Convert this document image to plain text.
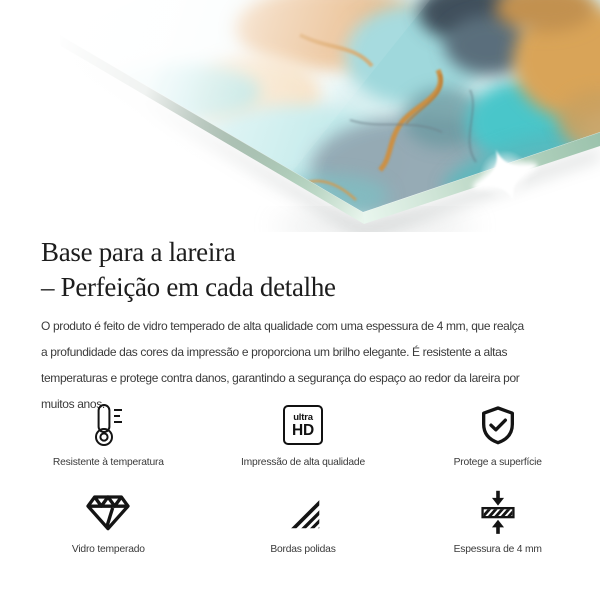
Base para a lareira
– Perfeição em cada detalhe

O produto é feito de vidro temperado de alta qualidade com uma espessura de 4 mm, que realça
a profundidade das cores da impressão e proporciona um brilho elegante. É resistente a altas
temperaturas e protege contra danos, garantindo a segurança do espaço ao redor da lareira por
muitos anos.

Resistente à temperatura
ultra
HD
Impressão de alta qualidade	Protege a superfície
Vidro temperado	Bordas polidas	Espessura de 4 mm
